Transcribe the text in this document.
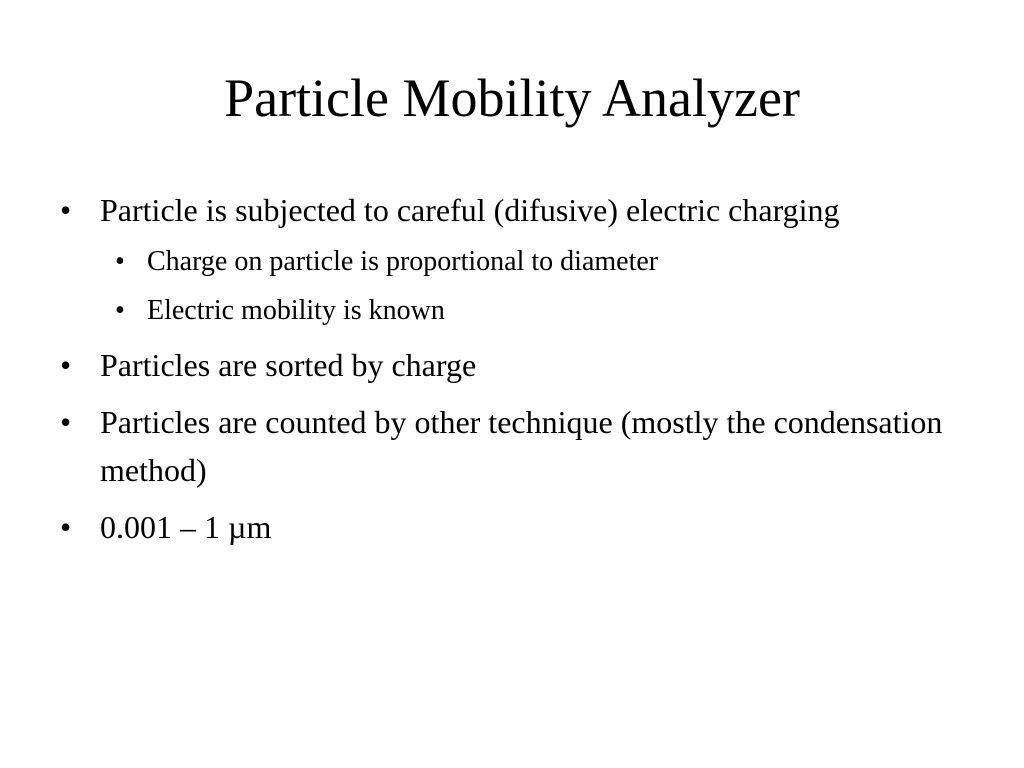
Particle Mobility Analyzer
• Particle is subjected to careful (difusive) electric charging
• Charge on particle is proportional to diameter
• Electric mobility is known
• Particles are sorted by charge
• Particles are counted by other technique (mostly the condensation method)
• 0.001 – 1 µm
